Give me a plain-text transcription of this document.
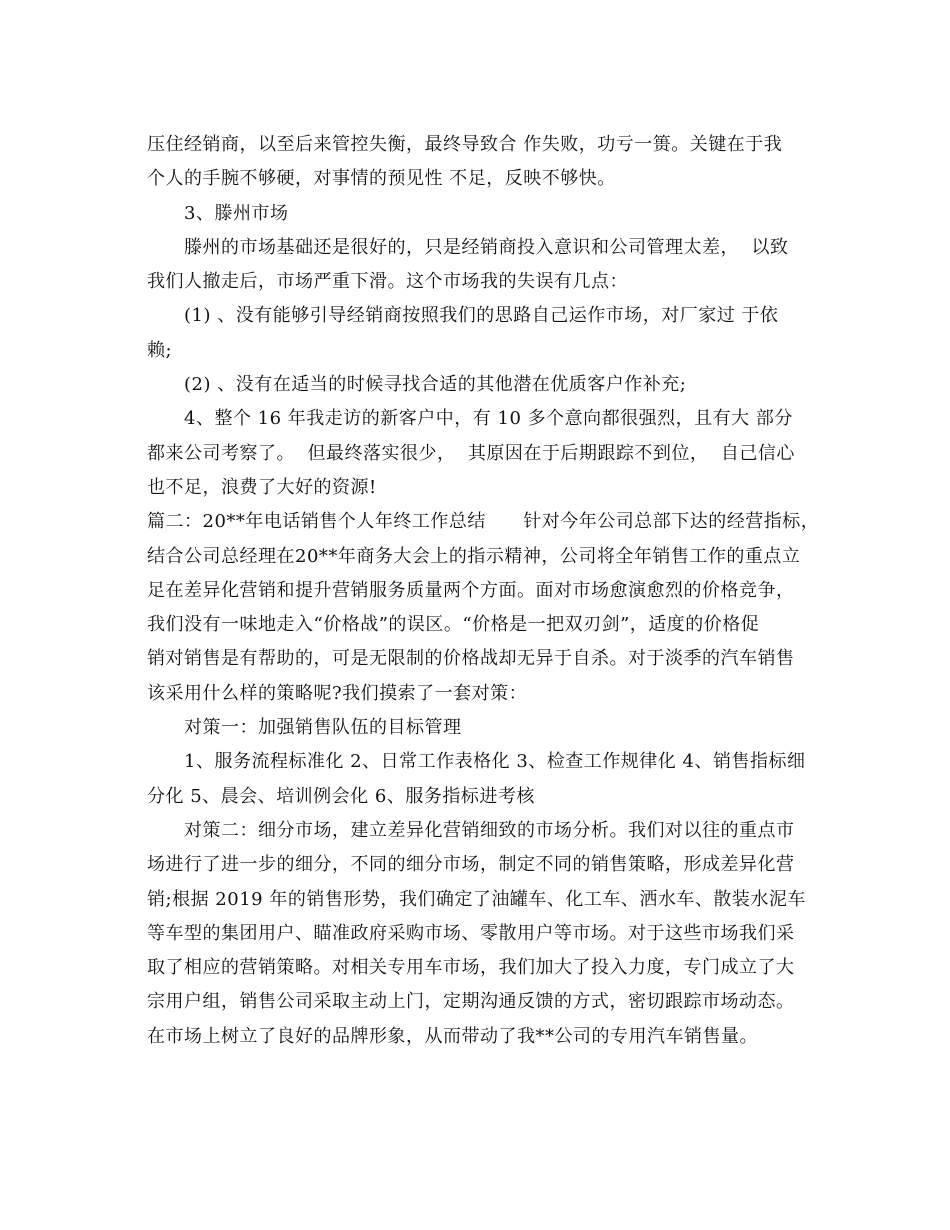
压住经销商，以至后来管控失衡，最终导致合 作失败，功亏一篑。关键在于我
个人的手腕不够硬，对事情的预见性 不足，反映不够快。
3、滕州市场
滕州的市场基础还是很好的，只是经销商投入意识和公司管理太差，  以致
我们人撤走后，市场严重下滑。这个市场我的失误有几点：
(1) 、没有能够引导经销商按照我们的思路自己运作市场，对厂家过 于依
赖;
(2) 、没有在适当的时候寻找合适的其他潜在优质客户作补充;
4、整个 16 年我走访的新客户中，有 10 多个意向都很强烈，且有大 部分
都来公司考察了。  但最终落实很少，  其原因在于后期跟踪不到位，  自己信心
也不足，浪费了大好的资源!
篇二：20**年电话销售个人年终工作总结      针对今年公司总部下达的经营指标，
结合公司总经理在20**年商务大会上的指示精神，公司将全年销售工作的重点立
足在差异化营销和提升营销服务质量两个方面。面对市场愈演愈烈的价格竞争，
我们没有一味地走入“价格战”的误区。“价格是一把双刃剑”，适度的价格促
销对销售是有帮助的，可是无限制的价格战却无异于自杀。对于淡季的汽车销售
该采用什么样的策略呢?我们摸索了一套对策：
对策一：加强销售队伍的目标管理
1、服务流程标准化 2、日常工作表格化 3、检查工作规律化 4、销售指标细
分化 5、晨会、培训例会化 6、服务指标进考核
对策二：细分市场，建立差异化营销细致的市场分析。我们对以往的重点市
场进行了进一步的细分，不同的细分市场，制定不同的销售策略，形成差异化营
销;根据 2019 年的销售形势，我们确定了油罐车、化工车、洒水车、散装水泥车
等车型的集团用户、瞄准政府采购市场、零散用户等市场。对于这些市场我们采
取了相应的营销策略。对相关专用车市场，我们加大了投入力度，专门成立了大
宗用户组，销售公司采取主动上门，定期沟通反馈的方式，密切跟踪市场动态。
在市场上树立了良好的品牌形象，从而带动了我**公司的专用汽车销售量。
